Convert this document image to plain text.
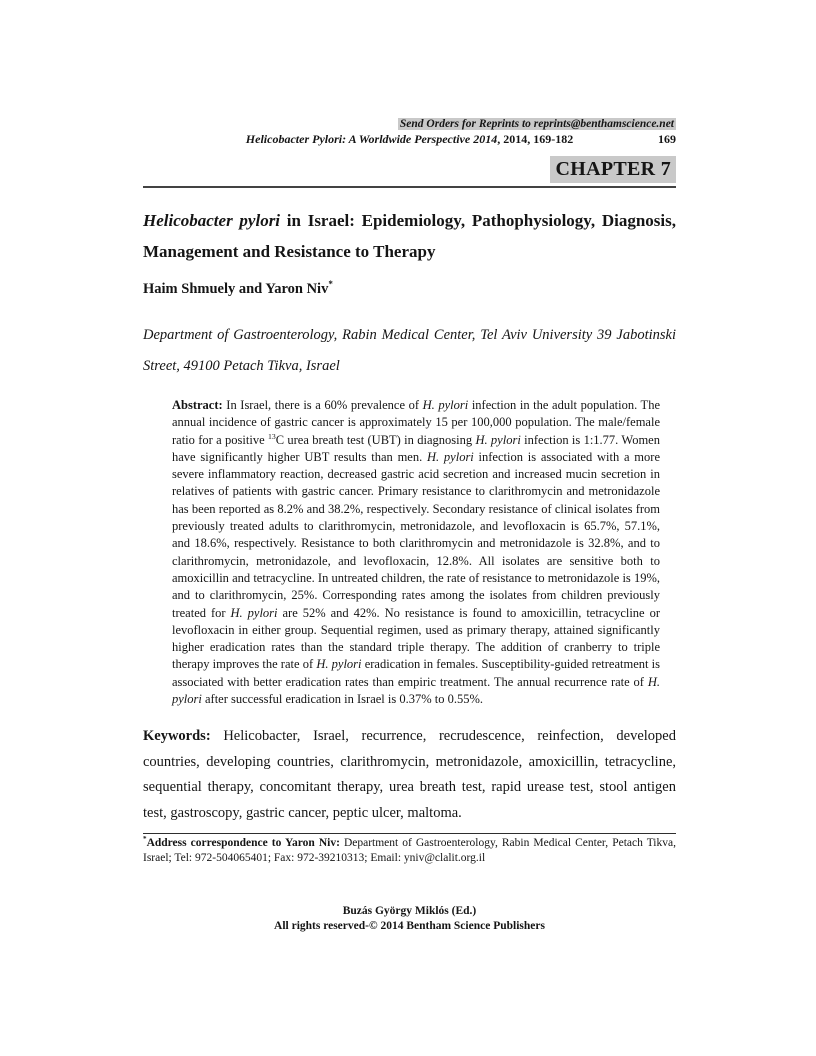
Send Orders for Reprints to reprints@benthamscience.net
Helicobacter Pylori: A Worldwide Perspective 2014, 2014, 169-182	169
CHAPTER 7
Helicobacter pylori in Israel: Epidemiology, Pathophysiology, Diagnosis, Management and Resistance to Therapy
Haim Shmuely and Yaron Niv*
Department of Gastroenterology, Rabin Medical Center, Tel Aviv University 39 Jabotinski Street, 49100 Petach Tikva, Israel
Abstract: In Israel, there is a 60% prevalence of H. pylori infection in the adult population. The annual incidence of gastric cancer is approximately 15 per 100,000 population. The male/female ratio for a positive $^{13}$C urea breath test (UBT) in diagnosing H. pylori infection is 1:1.77. Women have significantly higher UBT results than men. H. pylori infection is associated with a more severe inflammatory reaction, decreased gastric acid secretion and increased mucin secretion in relatives of patients with gastric cancer. Primary resistance to clarithromycin and metronidazole has been reported as 8.2% and 38.2%, respectively. Secondary resistance of clinical isolates from previously treated adults to clarithromycin, metronidazole, and levofloxacin is 65.7%, 57.1%, and 18.6%, respectively. Resistance to both clarithromycin and metronidazole is 32.8%, and to clarithromycin, metronidazole, and levofloxacin, 12.8%. All isolates are sensitive both to amoxicillin and tetracycline. In untreated children, the rate of resistance to metronidazole is 19%, and to clarithromycin, 25%. Corresponding rates among the isolates from children previously treated for H. pylori are 52% and 42%. No resistance is found to amoxicillin, tetracycline or levofloxacin in either group. Sequential regimen, used as primary therapy, attained significantly higher eradication rates than the standard triple therapy. The addition of cranberry to triple therapy improves the rate of H. pylori eradication in females. Susceptibility-guided retreatment is associated with better eradication rates than empiric treatment. The annual recurrence rate of H. pylori after successful eradication in Israel is 0.37% to 0.55%.
Keywords: Helicobacter, Israel, recurrence, recrudescence, reinfection, developed countries, developing countries, clarithromycin, metronidazole, amoxicillin, tetracycline, sequential therapy, concomitant therapy, urea breath test, rapid urease test, stool antigen test, gastroscopy, gastric cancer, peptic ulcer, maltoma.
*Address correspondence to Yaron Niv: Department of Gastroenterology, Rabin Medical Center, Petach Tikva, Israel; Tel: 972-504065401; Fax: 972-39210313; Email: yniv@clalit.org.il
Buzás György Miklós (Ed.)
All rights reserved-© 2014 Bentham Science Publishers
